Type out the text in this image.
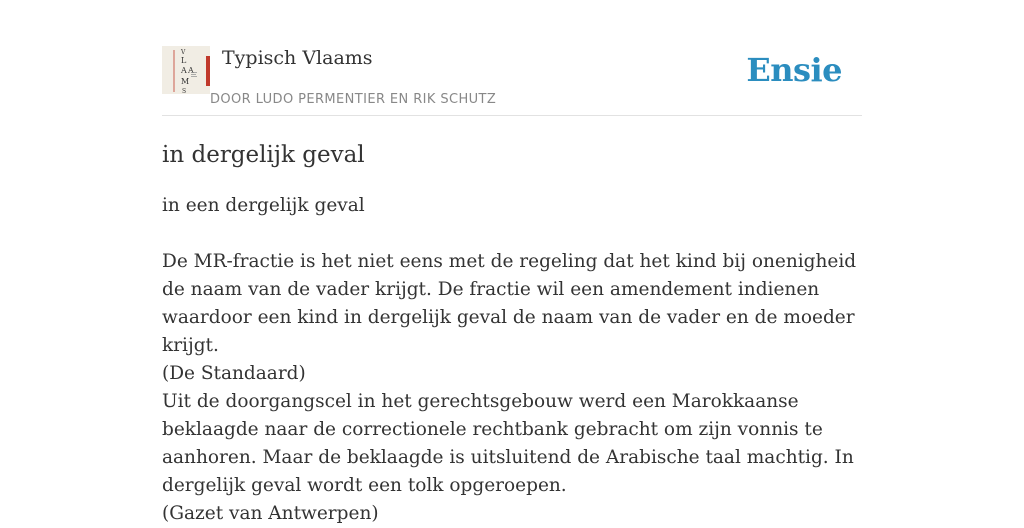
V
L
A A
M
S
Typisch Vlaams
DOOR LUDO PERMENTIER EN RIK SCHUTZ
Ensie
in dergelijk geval

in een dergelijk geval

De MR-fractie is het niet eens met de regeling dat het kind bij onenigheid de naam van de vader krijgt. De fractie wil een amendement indienen waardoor een kind in dergelijk geval de naam van de vader en de moeder krijgt.

(De Standaard)

Uit de doorgangscel in het gerechtsgebouw werd een Marokkaanse beklaagde naar de correctionele rechtbank gebracht om zijn vonnis te aanhoren. Maar de beklaagde is uitsluitend de Arabische taal machtig. In dergelijk geval wordt een tolk opgeroepen.

(Gazet van Antwerpen)
